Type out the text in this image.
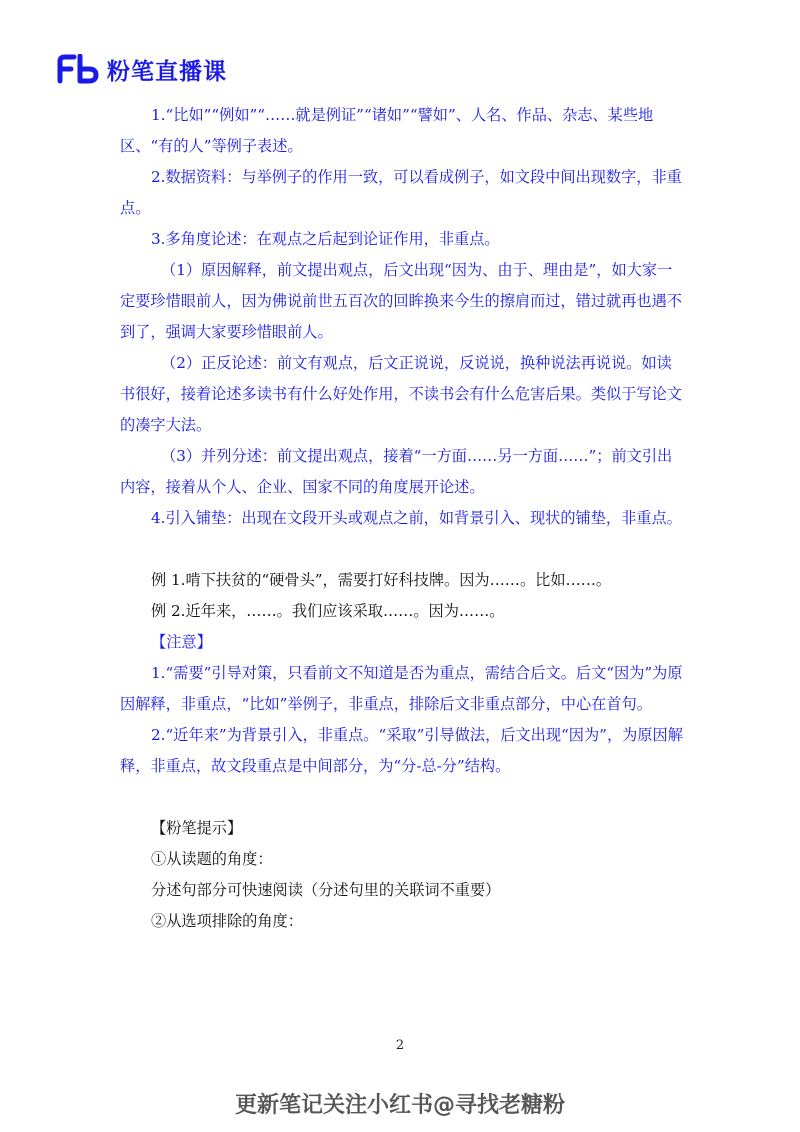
粉笔直播课

1.“比如”“例如”“……就是例证”“诸如”“譬如”、人名、作品、杂志、某些地区、“有的人”等例子表述。

2.数据资料：与举例子的作用一致，可以看成例子，如文段中间出现数字，非重点。

3.多角度论述：在观点之后起到论证作用，非重点。

（1）原因解释，前文提出观点，后文出现“因为、由于、理由是”，如大家一定要珍惜眼前人，因为佛说前世五百次的回眸换来今生的擦肩而过，错过就再也遇不到了，强调大家要珍惜眼前人。

（2）正反论述：前文有观点，后文正说说，反说说，换种说法再说说。如读书很好，接着论述多读书有什么好处作用，不读书会有什么危害后果。类似于写论文的凑字大法。

（3）并列分述：前文提出观点，接着“一方面……另一方面……”；前文引出内容，接着从个人、企业、国家不同的角度展开论述。

4.引入铺垫：出现在文段开头或观点之前，如背景引入、现状的铺垫，非重点。

例 1.啃下扶贫的“硬骨头”，需要打好科技牌。因为……。比如……。

例 2.近年来，……。我们应该采取……。因为……。

【注意】

1.“需要”引导对策，只看前文不知道是否为重点，需结合后文。后文“因为”为原因解释，非重点，“比如”举例子，非重点，排除后文非重点部分，中心在首句。

2.“近年来”为背景引入，非重点。“采取”引导做法，后文出现“因为”，为原因解释，非重点，故文段重点是中间部分，为“分-总-分”结构。

【粉笔提示】

①从读题的角度：

分述句部分可快速阅读（分述句里的关联词不重要）

②从选项排除的角度：

2
更新笔记关注小红书@寻找老糖粉
